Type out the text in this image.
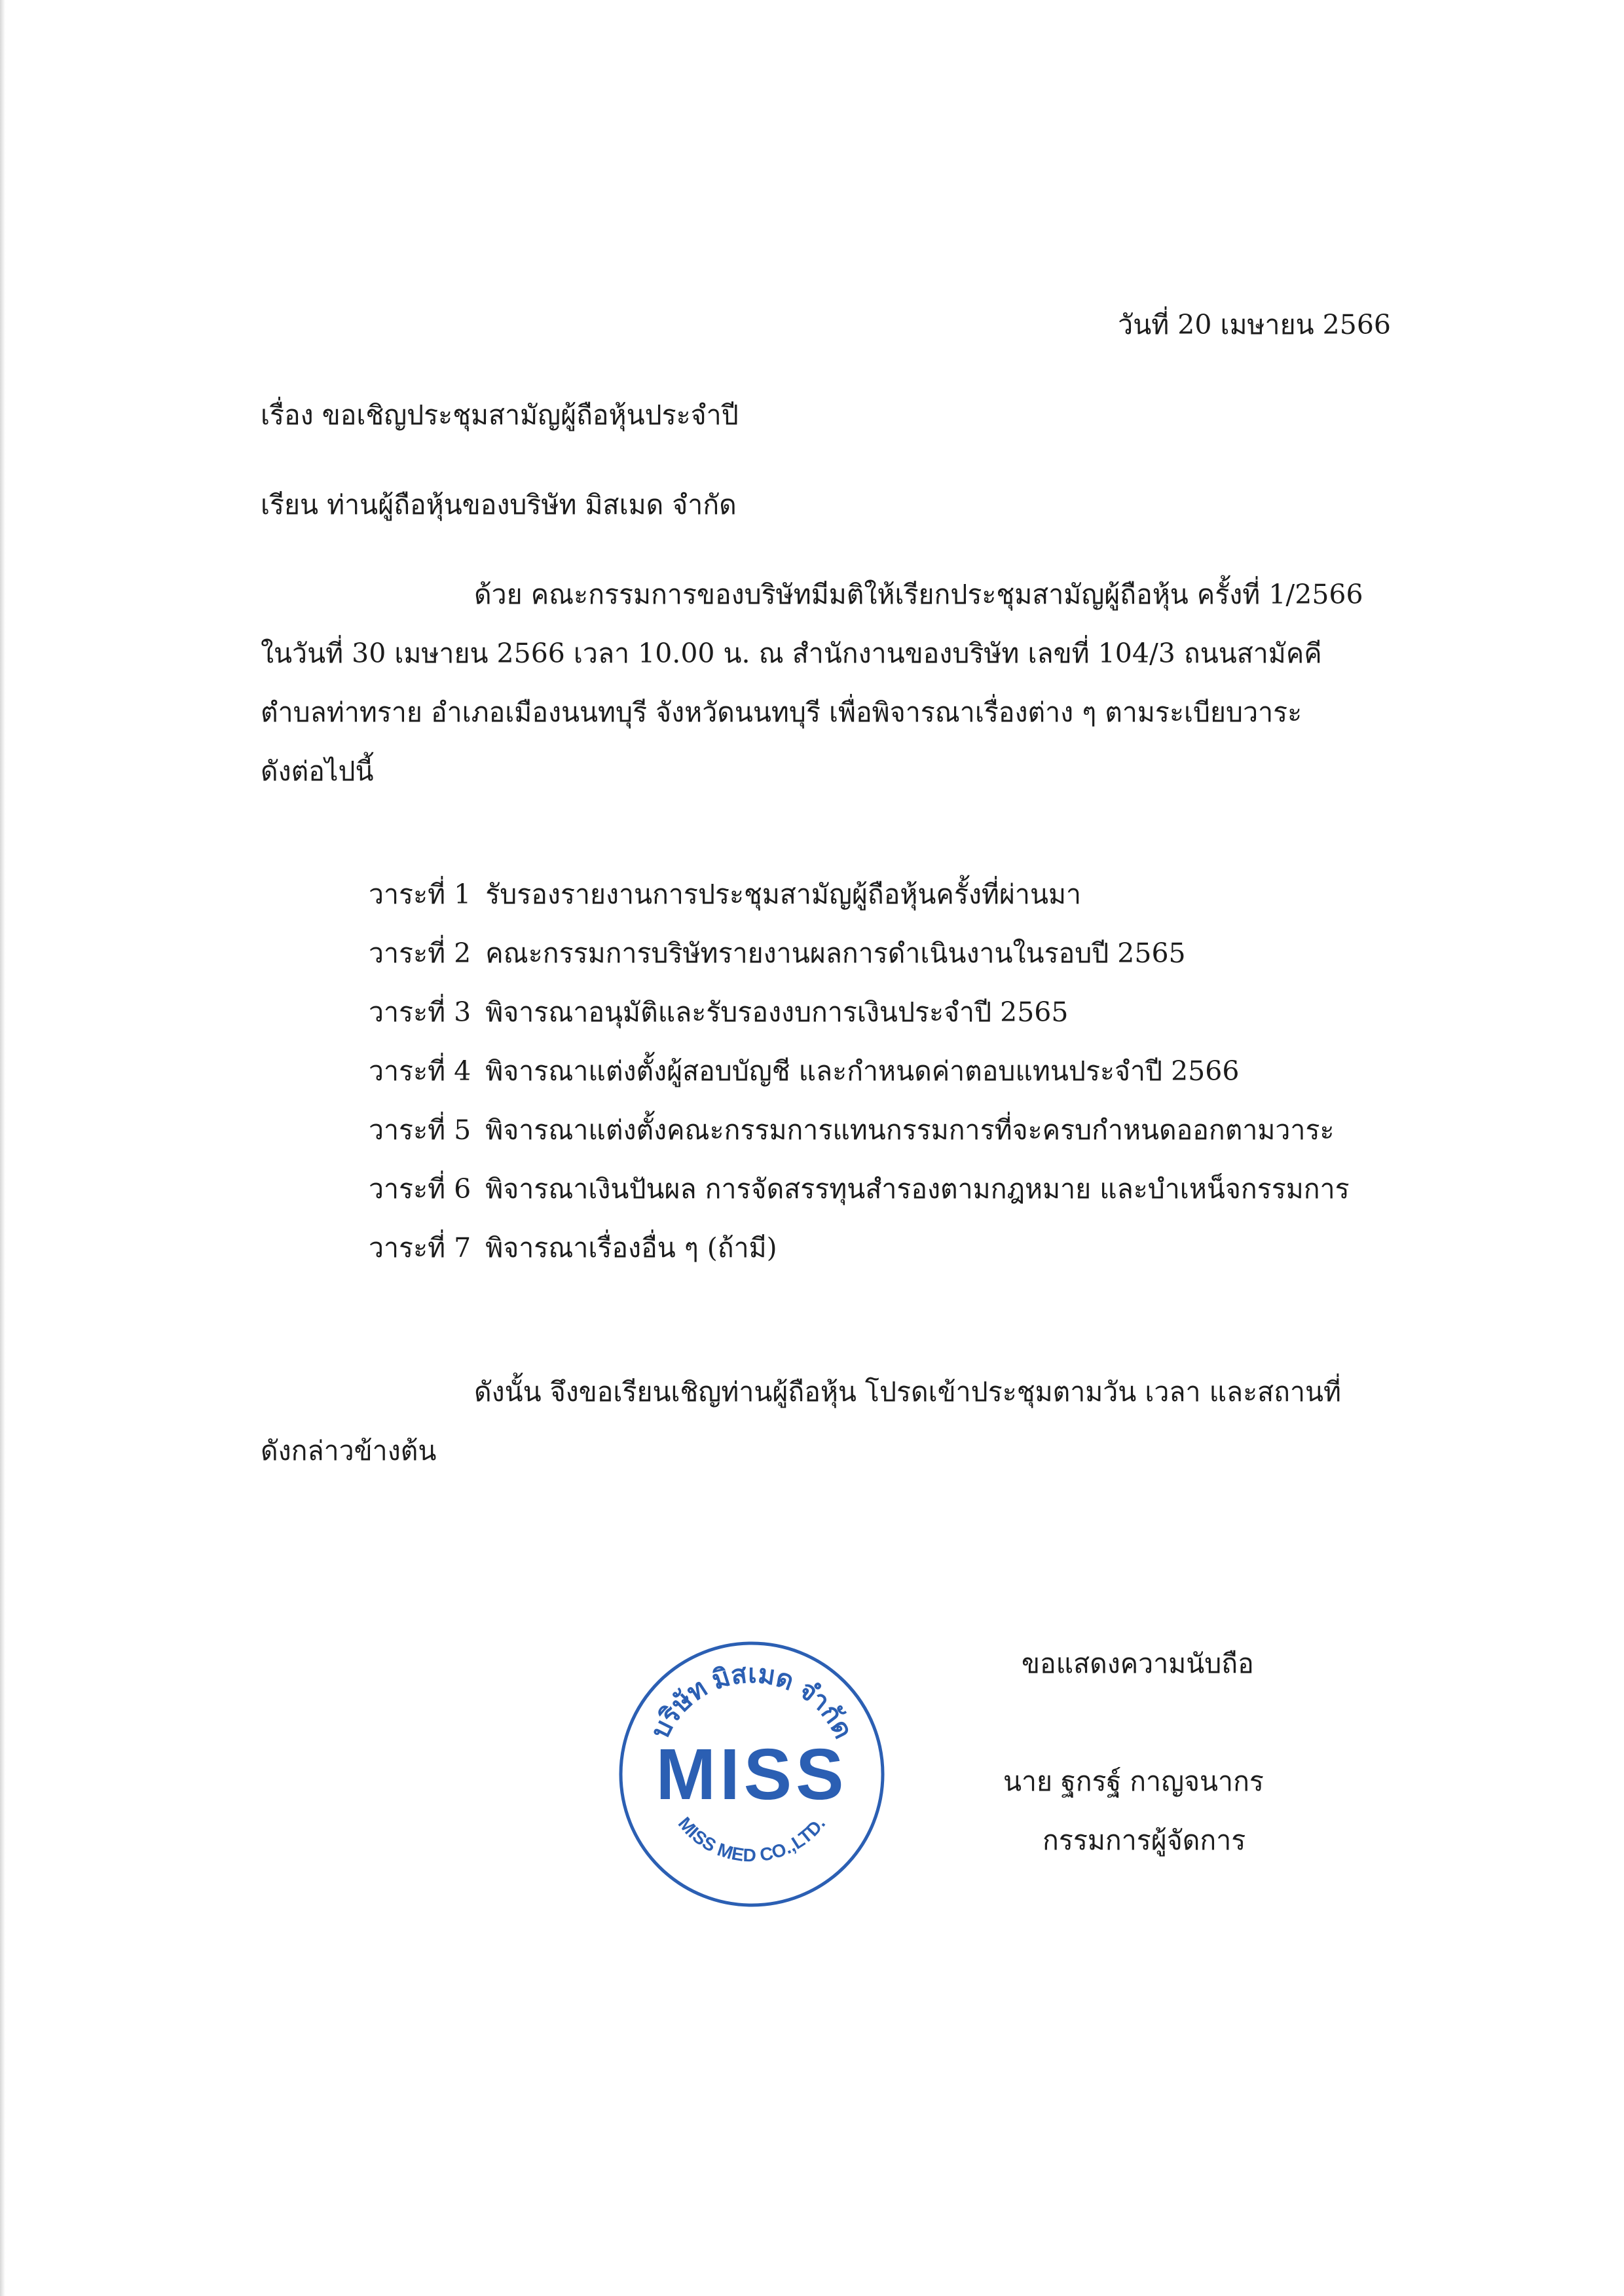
วันที่ 20 เมษายน 2566
เรื่อง ขอเชิญประชุมสามัญผู้ถือหุ้นประจำปี
เรียน ท่านผู้ถือหุ้นของบริษัท มิสเมด จำกัด
ด้วย คณะกรรมการของบริษัทมีมติให้เรียกประชุมสามัญผู้ถือหุ้น ครั้งที่ 1/2566
ในวันที่ 30 เมษายน 2566 เวลา 10.00 น. ณ สำนักงานของบริษัท เลขที่ 104/3 ถนนสามัคคี
ตำบลท่าทราย อำเภอเมืองนนทบุรี จังหวัดนนทบุรี เพื่อพิจารณาเรื่องต่าง ๆ ตามระเบียบวาระ
ดังต่อไปนี้
วาระที่ 1 รับรองรายงานการประชุมสามัญผู้ถือหุ้นครั้งที่ผ่านมา
วาระที่ 2 คณะกรรมการบริษัทรายงานผลการดำเนินงานในรอบปี 2565
วาระที่ 3 พิจารณาอนุมัติและรับรองงบการเงินประจำปี 2565
วาระที่ 4 พิจารณาแต่งตั้งผู้สอบบัญชี และกำหนดค่าตอบแทนประจำปี 2566
วาระที่ 5 พิจารณาแต่งตั้งคณะกรรมการแทนกรรมการที่จะครบกำหนดออกตามวาระ
วาระที่ 6 พิจารณาเงินปันผล การจัดสรรทุนสำรองตามกฎหมาย และบำเหน็จกรรมการ
วาระที่ 7 พิจารณาเรื่องอื่น ๆ (ถ้ามี)
ดังนั้น จึงขอเรียนเชิญท่านผู้ถือหุ้น โปรดเข้าประชุมตามวัน เวลา และสถานที่
ดังกล่าวข้างต้น
ขอแสดงความนับถือ
บริษัท มิสเมด จำกัด
MISS
MISS MED CO.,LTD.
นาย ฐกรฐ์ กาญจนากร
กรรมการผู้จัดการ
